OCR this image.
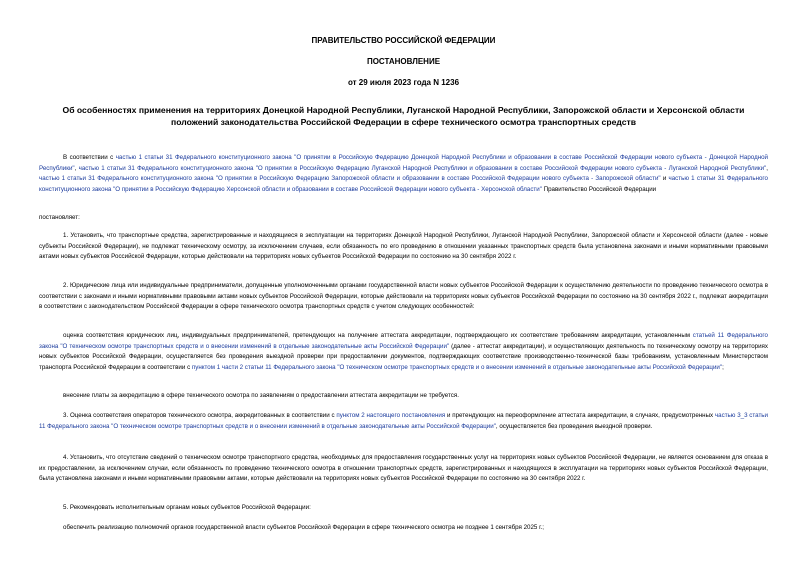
ПРАВИТЕЛЬСТВО РОССИЙСКОЙ ФЕДЕРАЦИИ
ПОСТАНОВЛЕНИЕ
от 29 июля 2023 года N 1236
Об особенностях применения на территориях Донецкой Народной Республики, Луганской Народной Республики, Запорожской области и Херсонской области
положений законодательства Российской Федерации в сфере технического осмотра транспортных средств
В соответствии с частью 1 статьи 31 Федерального конституционного закона "О принятии в Российскую Федерацию Донецкой Народной Республики и образовании в составе Российской Федерации нового субъекта - Донецкой Народной Республики", частью 1 статьи 31 Федерального конституционного закона "О принятии в Российскую Федерацию Луганской Народной Республики и образовании в составе Российской Федерации нового субъекта - Луганской Народной Республики", частью 1 статьи 31 Федерального конституционного закона "О принятии в Российскую Федерацию Запорожской области и образовании в составе Российской Федерации нового субъекта - Запорожской области" и частью 1 статьи 31 Федерального конституционного закона "О принятии в Российскую Федерацию Херсонской области и образовании в составе Российской Федерации нового субъекта - Херсонской области" Правительство Российской Федерации
постановляет:
1. Установить, что транспортные средства, зарегистрированные и находящиеся в эксплуатации на территориях Донецкой Народной Республики, Луганской Народной Республики, Запорожской области и Херсонской области (далее - новые субъекты Российской Федерации), не подлежат техническому осмотру, за исключением случаев, если обязанность по его проведению в отношении указанных транспортных средств была установлена законами и иными нормативными правовыми актами новых субъектов Российской Федерации, которые действовали на территориях новых субъектов Российской Федерации по состоянию на 30 сентября 2022 г.
2. Юридические лица или индивидуальные предприниматели, допущенные уполномоченными органами государственной власти новых субъектов Российской Федерации к осуществлению деятельности по проведению технического осмотра в соответствии с законами и иными нормативными правовыми актами новых субъектов Российской Федерации, которые действовали на территориях новых субъектов Российской Федерации по состоянию на 30 сентября 2022 г., подлежат аккредитации в соответствии с законодательством Российской Федерации в сфере технического осмотра транспортных средств с учетом следующих особенностей:
оценка соответствия юридических лиц, индивидуальных предпринимателей, претендующих на получение аттестата аккредитации, подтверждающего их соответствие требованиям аккредитации, установленным статьей 11 Федерального закона "О техническом осмотре транспортных средств и о внесении изменений в отдельные законодательные акты Российской Федерации" (далее - аттестат аккредитации), и осуществляющих деятельность по техническому осмотру на территориях новых субъектов Российской Федерации, осуществляется без проведения выездной проверки при предоставлении документов, подтверждающих соответствие производственно-технической базы требованиям, установленным Министерством транспорта Российской Федерации в соответствии с пунктом 1 части 2 статьи 11 Федерального закона "О техническом осмотре транспортных средств и о внесении изменений в отдельные законодательные акты Российской Федерации";
внесение платы за аккредитацию в сфере технического осмотра по заявлениям о предоставлении аттестата аккредитации не требуется.
3. Оценка соответствия операторов технического осмотра, аккредитованных в соответствии с пунктом 2 настоящего постановления и претендующих на переоформление аттестата аккредитации, в случаях, предусмотренных частью 3_3 статьи 11 Федерального закона "О техническом осмотре транспортных средств и о внесении изменений в отдельные законодательные акты Российской Федерации", осуществляется без проведения выездной проверки.
4. Установить, что отсутствие сведений о техническом осмотре транспортного средства, необходимых для предоставления государственных услуг на территориях новых субъектов Российской Федерации, не является основанием для отказа в их предоставлении, за исключением случаи, если обязанность по проведению технического осмотра в отношении транспортных средств, зарегистрированных и находящихся в эксплуатации на территориях новых субъектов Российской Федерации, была установлена законами и иными нормативными правовыми актами, которые действовали на территориях новых субъектов Российской Федерации по состоянию на 30 сентября 2022 г.
5. Рекомендовать исполнительным органам новых субъектов Российской Федерации:
обеспечить реализацию полномочий органов государственной власти субъектов Российской Федерации в сфере технического осмотра не позднее 1 сентября 2025 г.;
